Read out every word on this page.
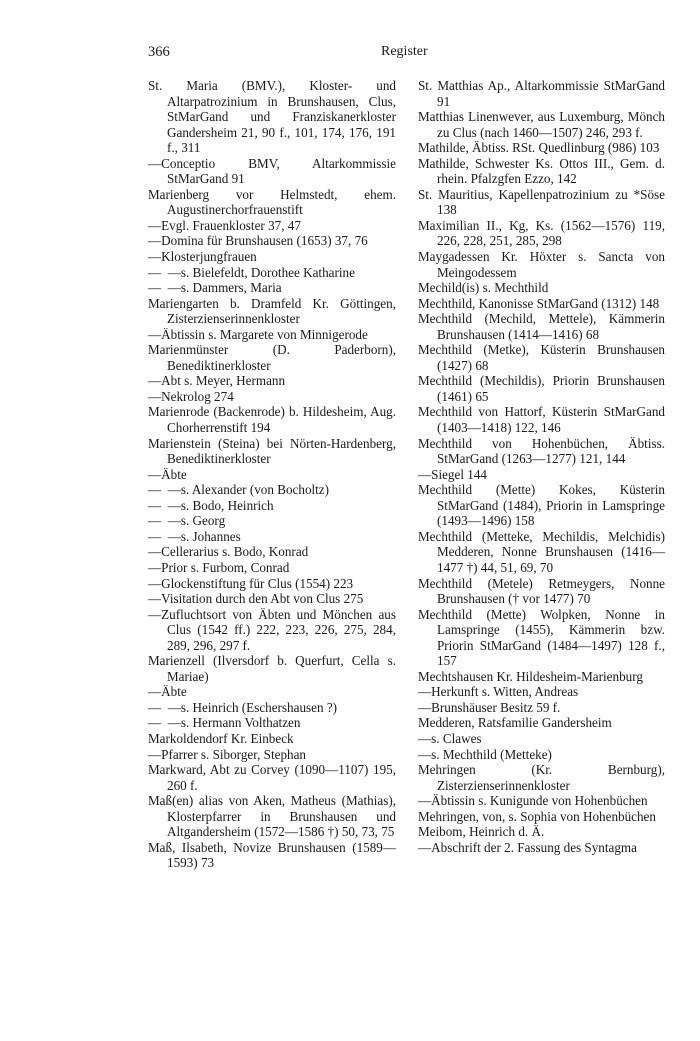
366	Register
St. Maria (BMV.), Kloster- und Altarpatrozinium in Brunshausen, Clus, StMarGand und Franziskanerkloster Gandersheim 21, 90 f., 101, 174, 176, 191 f., 311
—Conceptio BMV, Altarkommissie StMarGand 91
Marienberg vor Helmstedt, ehem. Augustinerchorfrauenstift
—Evgl. Frauenkloster 37, 47
—Domina für Brunshausen (1653) 37, 76
—Klosterjungfrauen
— —s. Bielefeldt, Dorothee Katharine
— —s. Dammers, Maria
Mariengarten b. Dramfeld Kr. Göttingen, Zisterzienserinnenkloster
—Äbtissin s. Margarete von Minnigerode
Marienmünster (D. Paderborn), Benediktinerkloster
—Abt s. Meyer, Hermann
—Nekrolog 274
Marienrode (Backenrode) b. Hildesheim, Aug. Chorherrenstift 194
Marienstein (Steina) bei Nörten-Hardenberg, Benediktinerkloster
—Äbte
— —s. Alexander (von Bocholtz)
— —s. Bodo, Heinrich
— —s. Georg
— —s. Johannes
—Cellerarius s. Bodo, Konrad
—Prior s. Furbom, Conrad
—Glockenstiftung für Clus (1554) 223
—Visitation durch den Abt von Clus 275
—Zufluchtsort von Äbten und Mönchen aus Clus (1542 ff.) 222, 223, 226, 275, 284, 289, 296, 297 f.
Marienzell (Ilversdorf b. Querfurt, Cella s. Mariae)
—Äbte
— —s. Heinrich (Eschershausen ?)
— —s. Hermann Volthatzen
Markoldendorf Kr. Einbeck
—Pfarrer s. Siborger, Stephan
Markward, Abt zu Corvey (1090—1107) 195, 260 f.
Maß(en) alias von Aken, Matheus (Mathias), Klosterpfarrer in Brunshausen und Altgandersheim (1572—1586 †) 50, 73, 75
Maß, Ilsabeth, Novize Brunshausen (1589—1593) 73
St. Matthias Ap., Altarkommissie StMarGand 91
Matthias Linenwever, aus Luxemburg, Mönch zu Clus (nach 1460—1507) 246, 293 f.
Mathilde, Äbtiss. RSt. Quedlinburg (986) 103
Mathilde, Schwester Ks. Ottos III., Gem. d. rhein. Pfalzgfen Ezzo, 142
St. Mauritius, Kapellenpatrozinium zu *Söse 138
Maximilian II., Kg, Ks. (1562—1576) 119, 226, 228, 251, 285, 298
Maygadessen Kr. Höxter s. Sancta von Meingodessem
Mechild(is) s. Mechthild
Mechthild, Kanonisse StMarGand (1312) 148
Mechthild (Mechild, Mettele), Kämmerin Brunshausen (1414—1416) 68
Mechthild (Metke), Küsterin Brunshausen (1427) 68
Mechthild (Mechildis), Priorin Brunshausen (1461) 65
Mechthild von Hattorf, Küsterin StMarGand (1403—1418) 122, 146
Mechthild von Hohenbüchen, Äbtiss. StMarGand (1263—1277) 121, 144
—Siegel 144
Mechthild (Mette) Kokes, Küsterin StMarGand (1484), Priorin in Lamspringe (1493—1496) 158
Mechthild (Metteke, Mechildis, Melchidis) Medderen, Nonne Brunshausen (1416—1477 †) 44, 51, 69, 70
Mechthild (Metele) Retmeygers, Nonne Brunshausen († vor 1477) 70
Mechthild (Mette) Wolpken, Nonne in Lamspringe (1455), Kämmerin bzw. Priorin StMarGand (1484—1497) 128 f., 157
Mechtshausen Kr. Hildesheim-Marienburg
—Herkunft s. Witten, Andreas
—Brunshäuser Besitz 59 f.
Medderen, Ratsfamilie Gandersheim
—s. Clawes
—s. Mechthild (Metteke)
Mehringen (Kr. Bernburg), Zisterzienserinnenkloster
—Äbtissin s. Kunigunde von Hohenbüchen
Mehringen, von, s. Sophia von Hohenbüchen
Meibom, Heinrich d. Ä.
—Abschrift der 2. Fassung des Syntagma
